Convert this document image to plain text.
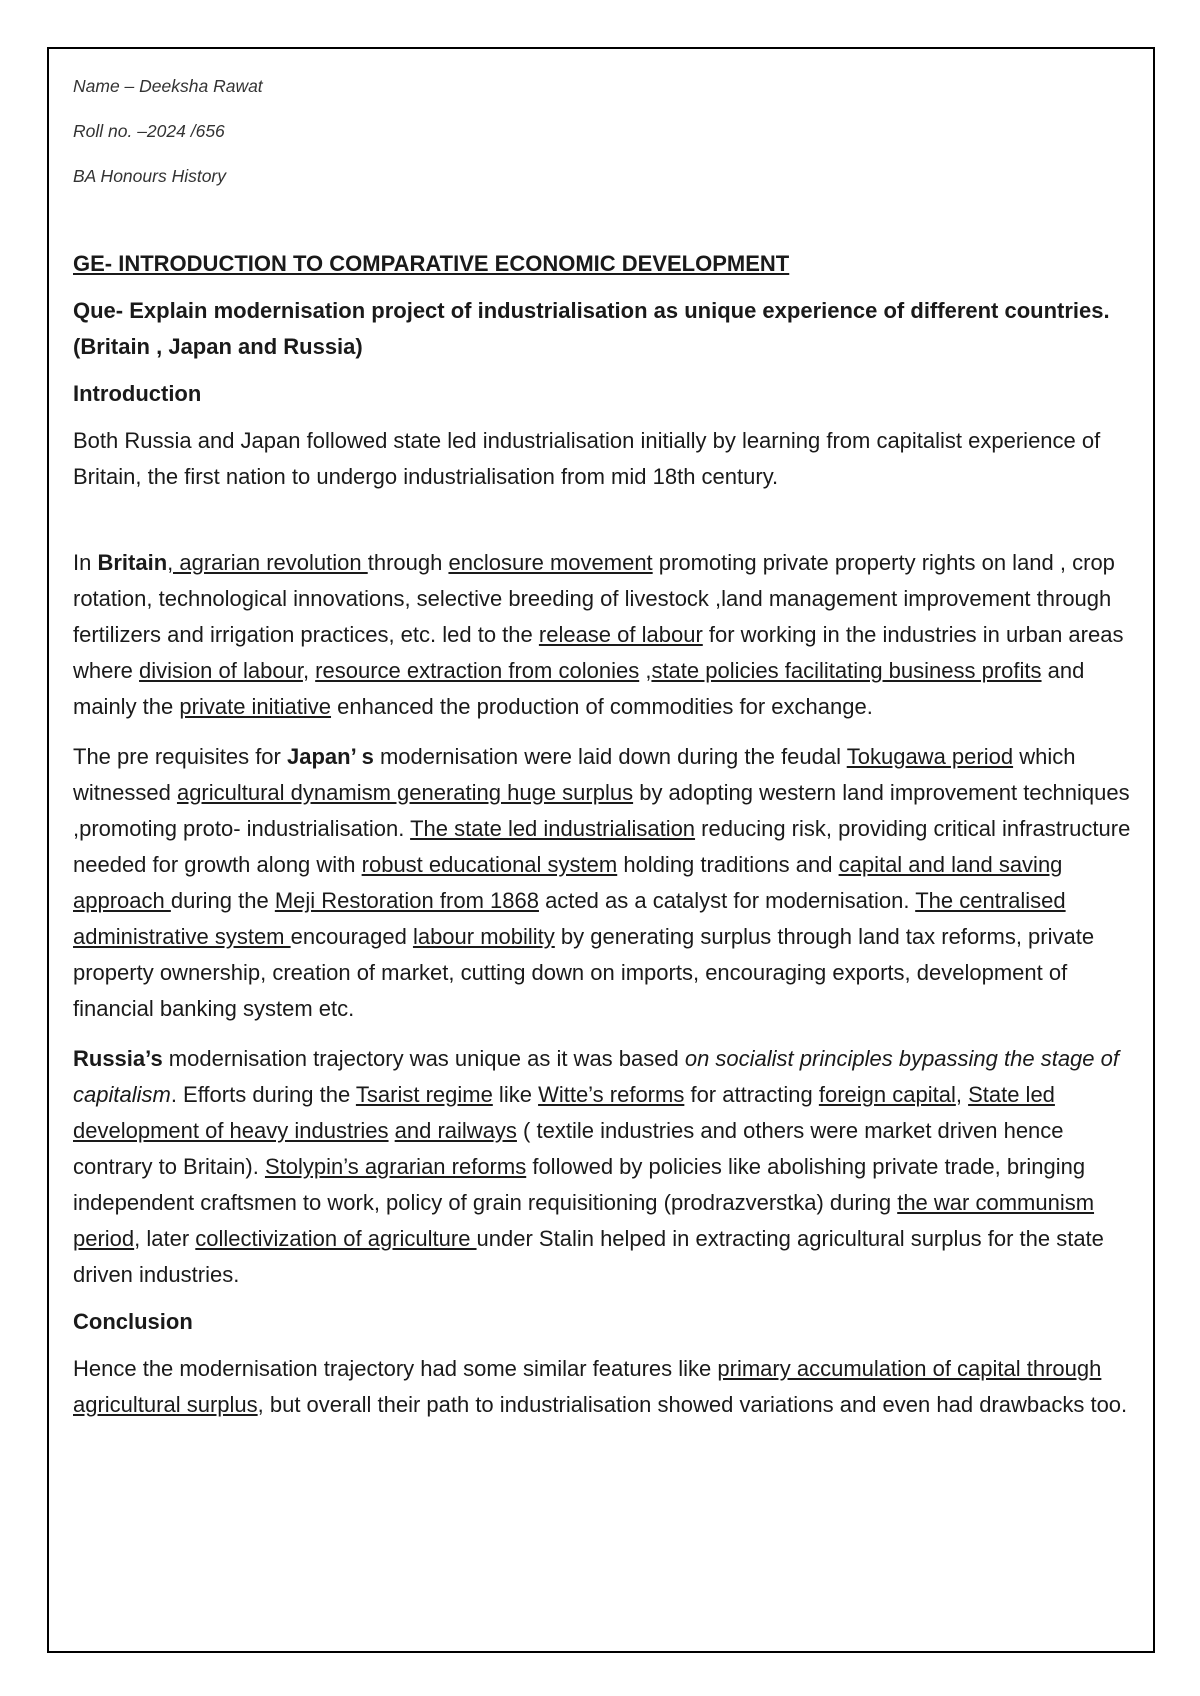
Name – Deeksha Rawat

Roll no. –2024 /656

BA Honours History

GE- INTRODUCTION TO COMPARATIVE ECONOMIC DEVELOPMENT

Que- Explain modernisation project of industrialisation as unique experience of different countries.(Britain , Japan and Russia)

Introduction

Both Russia and Japan followed state led industrialisation initially by learning from capitalist experience of Britain, the first nation to undergo industrialisation from mid 18th century.

In Britain, agrarian revolution through enclosure movement promoting private property rights on land , crop rotation, technological innovations, selective breeding of livestock ,land management improvement through fertilizers and irrigation practices, etc. led to the release of labour for working in the industries in urban areas where division of labour, resource extraction from colonies ,state policies facilitating business profits and mainly the private initiative enhanced the production of commodities for exchange.

The pre requisites for Japan’ s modernisation were laid down during the feudal Tokugawa period which witnessed agricultural dynamism generating huge surplus by adopting western land improvement techniques ,promoting proto- industrialisation. The state led industrialisation reducing risk, providing critical infrastructure needed for growth along with robust educational system holding traditions and capital and land saving approach during the Meji Restoration from 1868 acted as a catalyst for modernisation. The centralised administrative system encouraged labour mobility by generating surplus through land tax reforms, private property ownership, creation of market, cutting down on imports, encouraging exports, development of financial banking system etc.

Russia’s modernisation trajectory was unique as it was based on socialist principles bypassing the stage of capitalism. Efforts during the Tsarist regime like Witte’s reforms for attracting foreign capital, State led development of heavy industries and railways ( textile industries and others were market driven hence contrary to Britain). Stolypin’s agrarian reforms followed by policies like abolishing private trade, bringing independent craftsmen to work, policy of grain requisitioning (prodrazverstka) during the war communism period, later collectivization of agriculture under Stalin helped in extracting agricultural surplus for the state driven industries.

Conclusion

Hence the modernisation trajectory had some similar features like primary accumulation of capital through agricultural surplus, but overall their path to industrialisation showed variations and even had drawbacks too.
